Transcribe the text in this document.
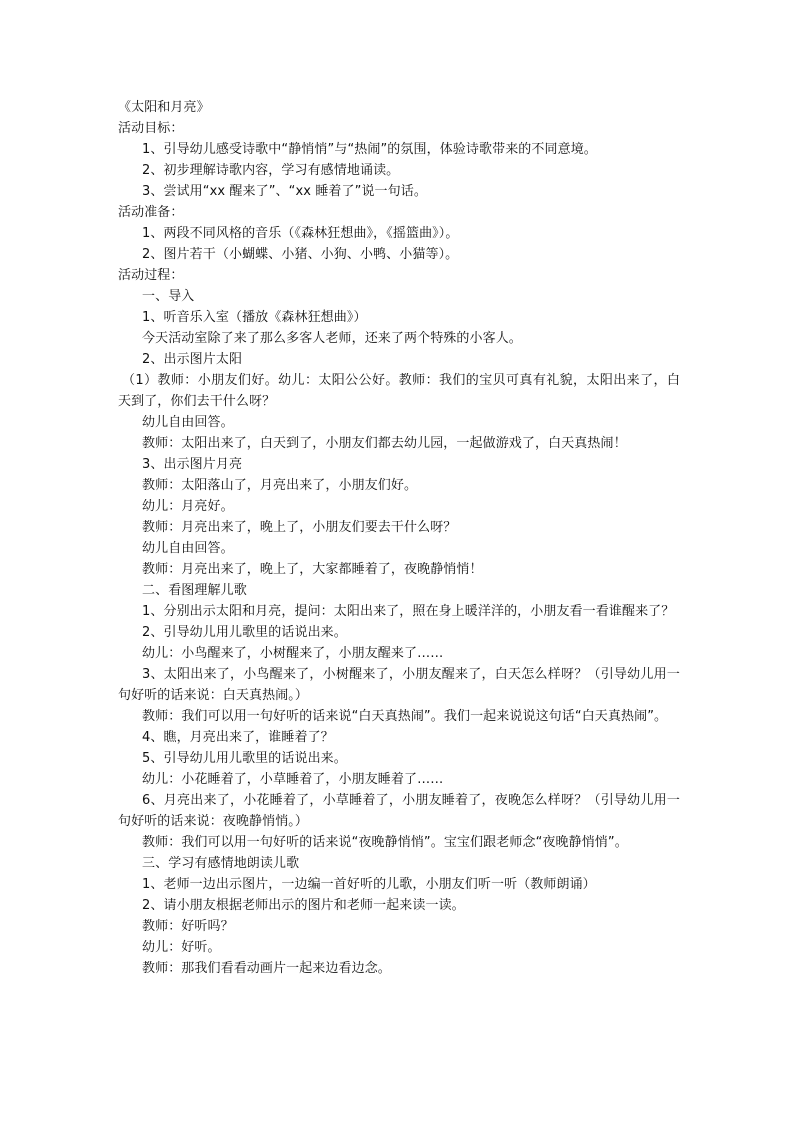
《太阳和月亮》
活动目标：
1、引导幼儿感受诗歌中“静悄悄”与“热闹”的氛围，体验诗歌带来的不同意境。
2、初步理解诗歌内容，学习有感情地诵读。
3、尝试用“xx 醒来了”、“xx 睡着了”说一句话。
活动准备：
1、两段不同风格的音乐（《森林狂想曲》，《摇篮曲》）。
2、图片若干（小蝴蝶、小猪、小狗、小鸭、小猫等）。
活动过程：
一、导入
1、听音乐入室（播放《森林狂想曲》）
今天活动室除了来了那么多客人老师，还来了两个特殊的小客人。
2、出示图片太阳
（1）教师：小朋友们好。幼儿：太阳公公好。教师：我们的宝贝可真有礼貌，太阳出来了，白天到了，你们去干什么呀？
幼儿自由回答。
教师：太阳出来了，白天到了，小朋友们都去幼儿园，一起做游戏了，白天真热闹！
3、出示图片月亮
教师：太阳落山了，月亮出来了，小朋友们好。
幼儿：月亮好。
教师：月亮出来了，晚上了，小朋友们要去干什么呀？
幼儿自由回答。
教师：月亮出来了，晚上了，大家都睡着了，夜晚静悄悄！
二、看图理解儿歌
1、分别出示太阳和月亮，提问：太阳出来了，照在身上暖洋洋的，小朋友看一看谁醒来了？
2、引导幼儿用儿歌里的话说出来。
幼儿：小鸟醒来了，小树醒来了，小朋友醒来了……
3、太阳出来了，小鸟醒来了，小树醒来了，小朋友醒来了，白天怎么样呀？（引导幼儿用一句好听的话来说：白天真热闹。）
教师：我们可以用一句好听的话来说“白天真热闹”。我们一起来说说这句话“白天真热闹”。
4、瞧，月亮出来了，谁睡着了？
5、引导幼儿用儿歌里的话说出来。
幼儿：小花睡着了，小草睡着了，小朋友睡着了……
6、月亮出来了，小花睡着了，小草睡着了，小朋友睡着了，夜晚怎么样呀？（引导幼儿用一句好听的话来说：夜晚静悄悄。）
教师：我们可以用一句好听的话来说“夜晚静悄悄”。宝宝们跟老师念“夜晚静悄悄”。
三、学习有感情地朗读儿歌
1、老师一边出示图片，一边编一首好听的儿歌，小朋友们听一听（教师朗诵）
2、请小朋友根据老师出示的图片和老师一起来读一读。
教师：好听吗？
幼儿：好听。
教师：那我们看看动画片一起来边看边念。
